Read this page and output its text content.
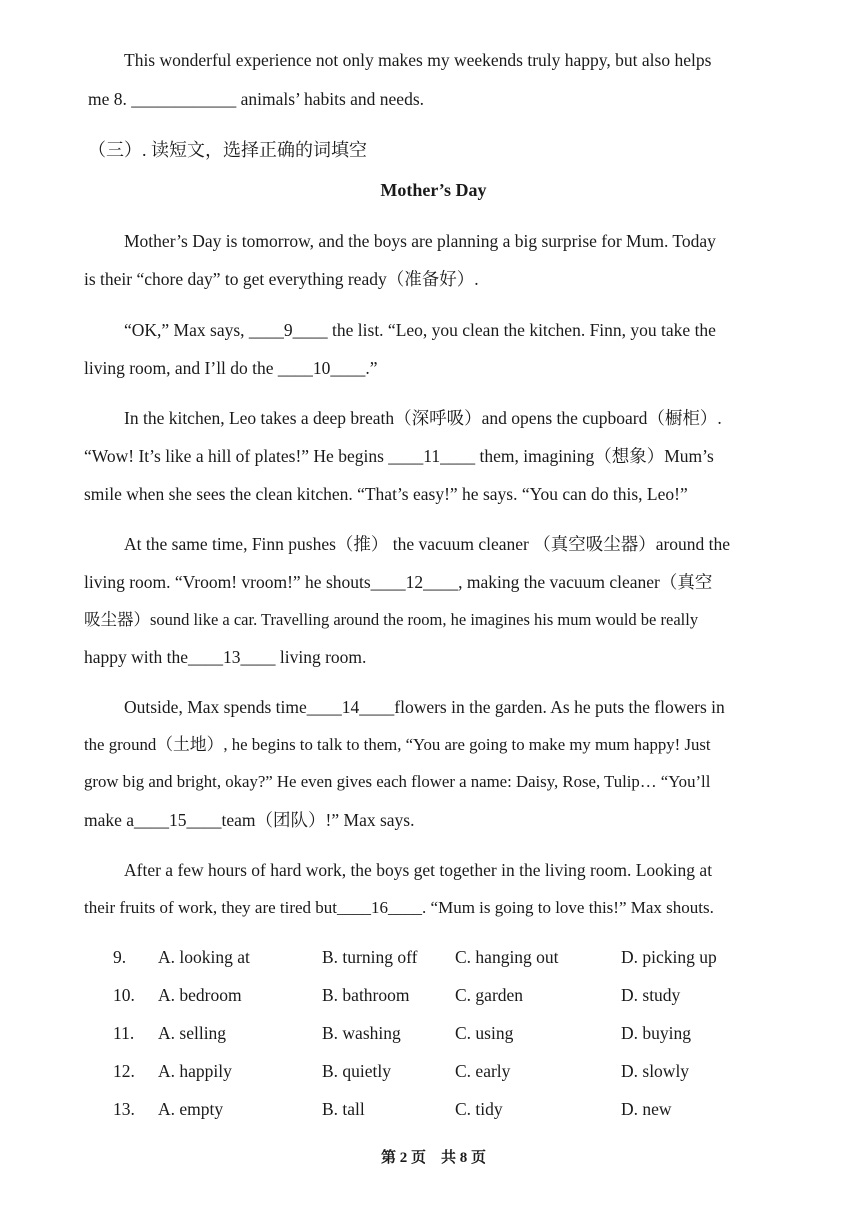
This wonderful experience not only makes my weekends truly happy, but also helps
me 8. ____________ animals’ habits and needs.
（三）. 读短文，选择正确的词填空
Mother’s Day
Mother’s Day is tomorrow, and the boys are planning a big surprise for Mum. Today
is their “chore day” to get everything ready（准备好）.
“OK,” Max says, ____9____ the list. “Leo, you clean the kitchen. Finn, you take the
living room, and I’ll do the ____10____.”
In the kitchen, Leo takes a deep breath（深呼吸）and opens the cupboard（橱柜）.
“Wow! It’s like a hill of plates!” He begins ____11____ them, imagining（想象）Mum’s
smile when she sees the clean kitchen. “That’s easy!” he says. “You can do this, Leo!”
At the same time, Finn pushes（推） the vacuum cleaner （真空吸尘器）around the
living room. “Vroom! vroom!” he shouts____12____, making the vacuum cleaner（真空
吸尘器）sound like a car. Travelling around the room, he imagines his mum would be really
happy with the____13____ living room.
Outside, Max spends time____14____flowers in the garden. As he puts the flowers in
the ground（土地）, he begins to talk to them, “You are going to make my mum happy! Just
grow big and bright, okay?” He even gives each flower a name: Daisy, Rose, Tulip… “You’ll
make a____15____team（团队）!” Max says.
After a few hours of hard work, the boys get together in the living room. Looking at
their fruits of work, they are tired but____16____. “Mum is going to love this!” Max shouts.
9. A. looking at	B. turning off C. hanging out	D. picking up
10. A. bedroom	B. bathroom	C. garden	D. study
11. A. selling	B. washing	C. using	D. buying
12. A. happily	B. quietly	C. early	D. slowly
13. A. empty	B. tall	C. tidy	D. new
第 2 页　共 8 页
